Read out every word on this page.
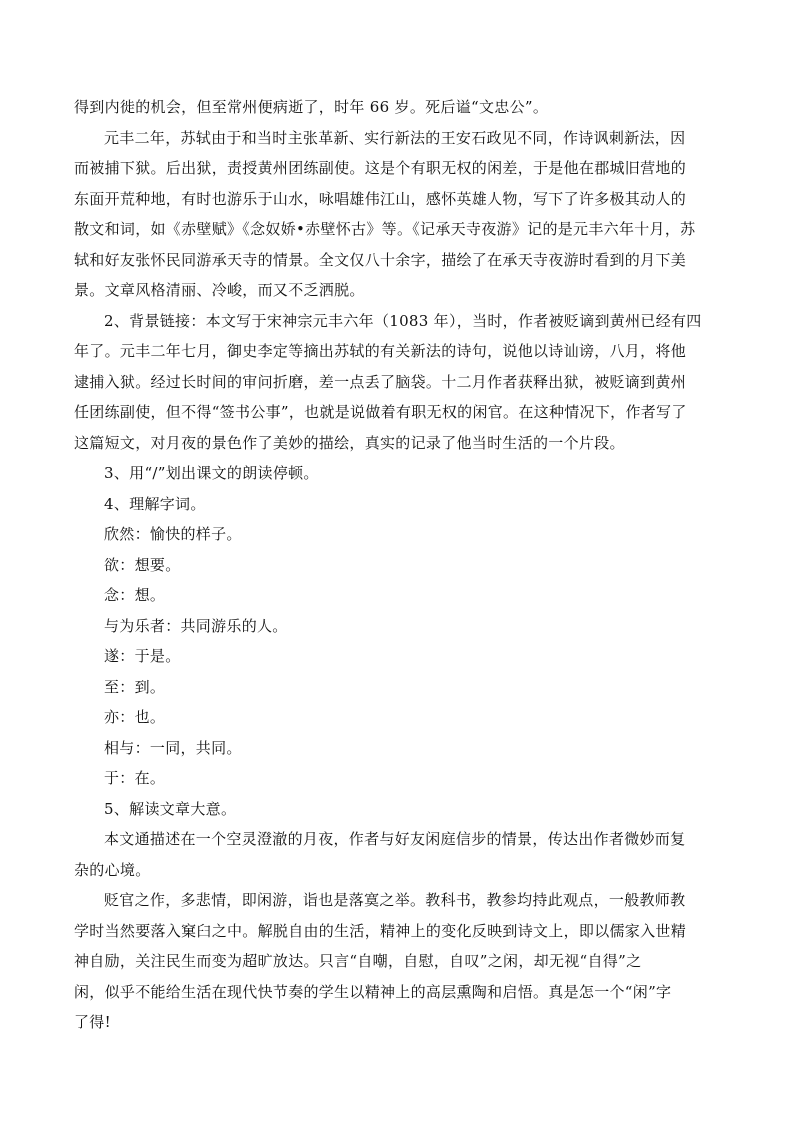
得到内徙的机会，但至常州便病逝了，时年 66 岁。死后谥“文忠公”。
元丰二年，苏轼由于和当时主张革新、实行新法的王安石政见不同，作诗讽刺新法，因
而被捕下狱。后出狱，责授黄州团练副使。这是个有职无权的闲差，于是他在郡城旧营地的
东面开荒种地，有时也游乐于山水，咏唱雄伟江山，感怀英雄人物，写下了许多极其动人的
散文和词，如《赤壁赋》《念奴娇•赤壁怀古》等。《记承天寺夜游》记的是元丰六年十月，苏
轼和好友张怀民同游承天寺的情景。全文仅八十余字，描绘了在承天寺夜游时看到的月下美
景。文章风格清丽、冷峻，而又不乏洒脱。
2、背景链接：本文写于宋神宗元丰六年（1083 年），当时，作者被贬谪到黄州已经有四
年了。元丰二年七月，御史李定等摘出苏轼的有关新法的诗句，说他以诗讪谤，八月，将他
逮捕入狱。经过长时间的审问折磨，差一点丢了脑袋。十二月作者获释出狱，被贬谪到黄州
任团练副使，但不得“签书公事”，也就是说做着有职无权的闲官。在这种情况下，作者写了
这篇短文，对月夜的景色作了美妙的描绘，真实的记录了他当时生活的一个片段。
3、用“/”划出课文的朗读停顿。
4、理解字词。
欣然：愉快的样子。
欲：想要。
念：想。
与为乐者：共同游乐的人。
遂：于是。
至：到。
亦：也。
相与：一同，共同。
于：在。
5、解读文章大意。
本文通描述在一个空灵澄澈的月夜，作者与好友闲庭信步的情景，传达出作者微妙而复
杂的心境。
贬官之作，多悲情，即闲游，诣也是落寞之举。教科书，教参均持此观点，一般教师教
学时当然要落入窠臼之中。解脱自由的生活，精神上的变化反映到诗文上，即以儒家入世精
神自励，关注民生而变为超旷放达。只言“自嘲，自慰，自叹”之闲，却无视“自得”之
闲，似乎不能给生活在现代快节奏的学生以精神上的高层熏陶和启悟。真是怎一个“闲”字
了得!
